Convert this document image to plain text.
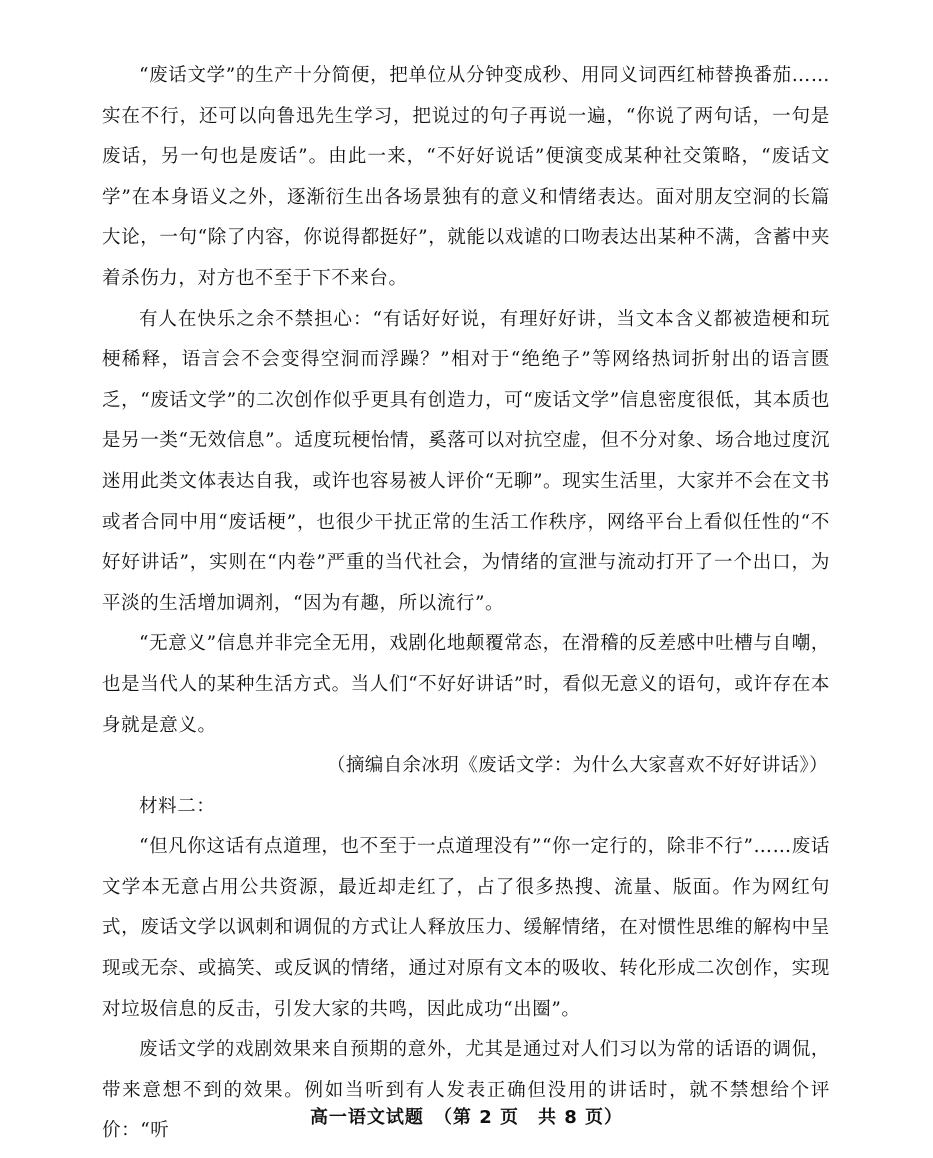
“废话文学”的生产十分简便，把单位从分钟变成秒、用同义词西红柿替换番茄……实在不行，还可以向鲁迅先生学习，把说过的句子再说一遍，“你说了两句话，一句是废话，另一句也是废话”。由此一来，“不好好说话”便演变成某种社交策略，“废话文学”在本身语义之外，逐渐衍生出各场景独有的意义和情绪表达。面对朋友空洞的长篇大论，一句“除了内容，你说得都挺好”，就能以戏谑的口吻表达出某种不满，含蓄中夹着杀伤力，对方也不至于下不来台。

有人在快乐之余不禁担心：“有话好好说，有理好好讲，当文本含义都被造梗和玩梗稀释，语言会不会变得空洞而浮躁？”相对于“绝绝子”等网络热词折射出的语言匮乏，“废话文学”的二次创作似乎更具有创造力，可“废话文学”信息密度很低，其本质也是另一类“无效信息”。适度玩梗怡情，奚落可以对抗空虚，但不分对象、场合地过度沉迷用此类文体表达自我，或许也容易被人评价“无聊”。现实生活里，大家并不会在文书或者合同中用“废话梗”，也很少干扰正常的生活工作秩序，网络平台上看似任性的“不好好讲话”，实则在“内卷”严重的当代社会，为情绪的宣泄与流动打开了一个出口，为平淡的生活增加调剂，“因为有趣，所以流行”。

“无意义”信息并非完全无用，戏剧化地颠覆常态，在滑稽的反差感中吐槽与自嘲，也是当代人的某种生活方式。当人们“不好好讲话”时，看似无意义的语句，或许存在本身就是意义。

（摘编自余冰玥《废话文学：为什么大家喜欢不好好讲话》）

材料二：

“但凡你这话有点道理，也不至于一点道理没有”“你一定行的，除非不行”……废话文学本无意占用公共资源，最近却走红了，占了很多热搜、流量、版面。作为网红句式，废话文学以讽刺和调侃的方式让人释放压力、缓解情绪，在对惯性思维的解构中呈现或无奈、或搞笑、或反讽的情绪，通过对原有文本的吸收、转化形成二次创作，实现对垃圾信息的反击，引发大家的共鸣，因此成功“出圈”。

废话文学的戏剧效果来自预期的意外，尤其是通过对人们习以为常的话语的调侃，带来意想不到的效果。例如当听到有人发表正确但没用的讲话时，就不禁想给个评价：“听

高一语文试题　（第 2 页　共 8 页）
